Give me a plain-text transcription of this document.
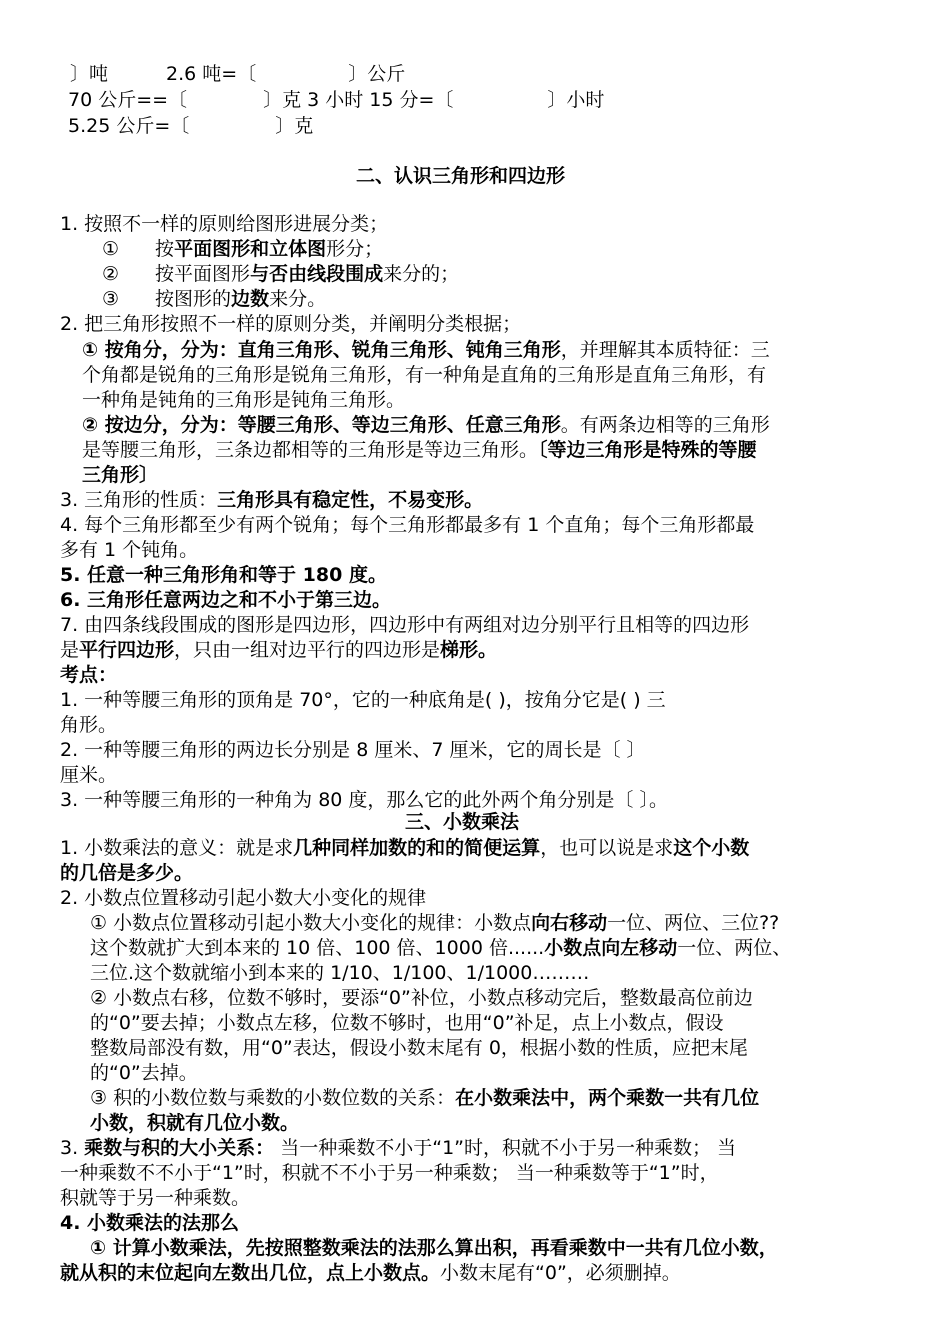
〕吨	2.6 吨=〔	〕公斤
70 公斤==〔	〕克 3 小时 15 分=〔	〕小时
5.25 公斤=〔	〕克
二、认识三角形和四边形
1. 按照不一样的原则给图形进展分类；
① 按平面图形和立体图形分；
② 按平面图形与否由线段围成来分的；
③ 按图形的边数来分。
2. 把三角形按照不一样的原则分类，并阐明分类根据；
① 按角分，分为：直角三角形、锐角三角形、钝角三角形，并理解其本质特征：三
个角都是锐角的三角形是锐角三角形，有一种角是直角的三角形是直角三角形，有
一种角是钝角的三角形是钝角三角形。
② 按边分，分为：等腰三角形、等边三角形、任意三角形。有两条边相等的三角形
是等腰三角形，三条边都相等的三角形是等边三角形。〔等边三角形是特殊的等腰
三角形〕
3. 三角形的性质：三角形具有稳定性，不易变形。
4. 每个三角形都至少有两个锐角；每个三角形都最多有 1 个直角；每个三角形都最
多有 1 个钝角。
5. 任意一种三角形角和等于 180 度。
6. 三角形任意两边之和不小于第三边。
7. 由四条线段围成的图形是四边形，四边形中有两组对边分别平行且相等的四边形
是平行四边形，只由一组对边平行的四边形是梯形。
考点：
1. 一种等腰三角形的顶角是 70°，它的一种底角是( )，按角分它是( ) 三
角形。
2. 一种等腰三角形的两边长分别是 8 厘米、7 厘米，它的周长是〔 〕
厘米。
3. 一种等腰三角形的一种角为 80 度，那么它的此外两个角分别是〔 〕。
三、小数乘法
1. 小数乘法的意义：就是求几种同样加数的和的简便运算，也可以说是求这个小数
的几倍是多少。
2. 小数点位置移动引起小数大小变化的规律
① 小数点位置移动引起小数大小变化的规律：小数点向右移动一位、两位、三位??
这个数就扩大到本来的 10 倍、100 倍、1000 倍......小数点向左移动一位、两位、
三位.这个数就缩小到本来的 1/10、1/100、1/1000………
② 小数点右移，位数不够时，要添“0”补位，小数点移动完后，整数最高位前边
的“0”要去掉；小数点左移，位数不够时，也用“0”补足，点上小数点，假设
整数局部没有数，用“0”表达，假设小数末尾有 0，根据小数的性质，应把末尾
的“0”去掉。
③ 积的小数位数与乘数的小数位数的关系：在小数乘法中，两个乘数一共有几位
小数，积就有几位小数。
3. 乘数与积的大小关系： 当一种乘数不小于“1”时，积就不小于另一种乘数； 当
一种乘数不不小于“1”时，积就不不小于另一种乘数； 当一种乘数等于“1”时，
积就等于另一种乘数。
4. 小数乘法的法那么
① 计算小数乘法，先按照整数乘法的法那么算出积，再看乘数中一共有几位小数，
就从积的末位起向左数出几位，点上小数点。小数末尾有“0”，必须删掉。
